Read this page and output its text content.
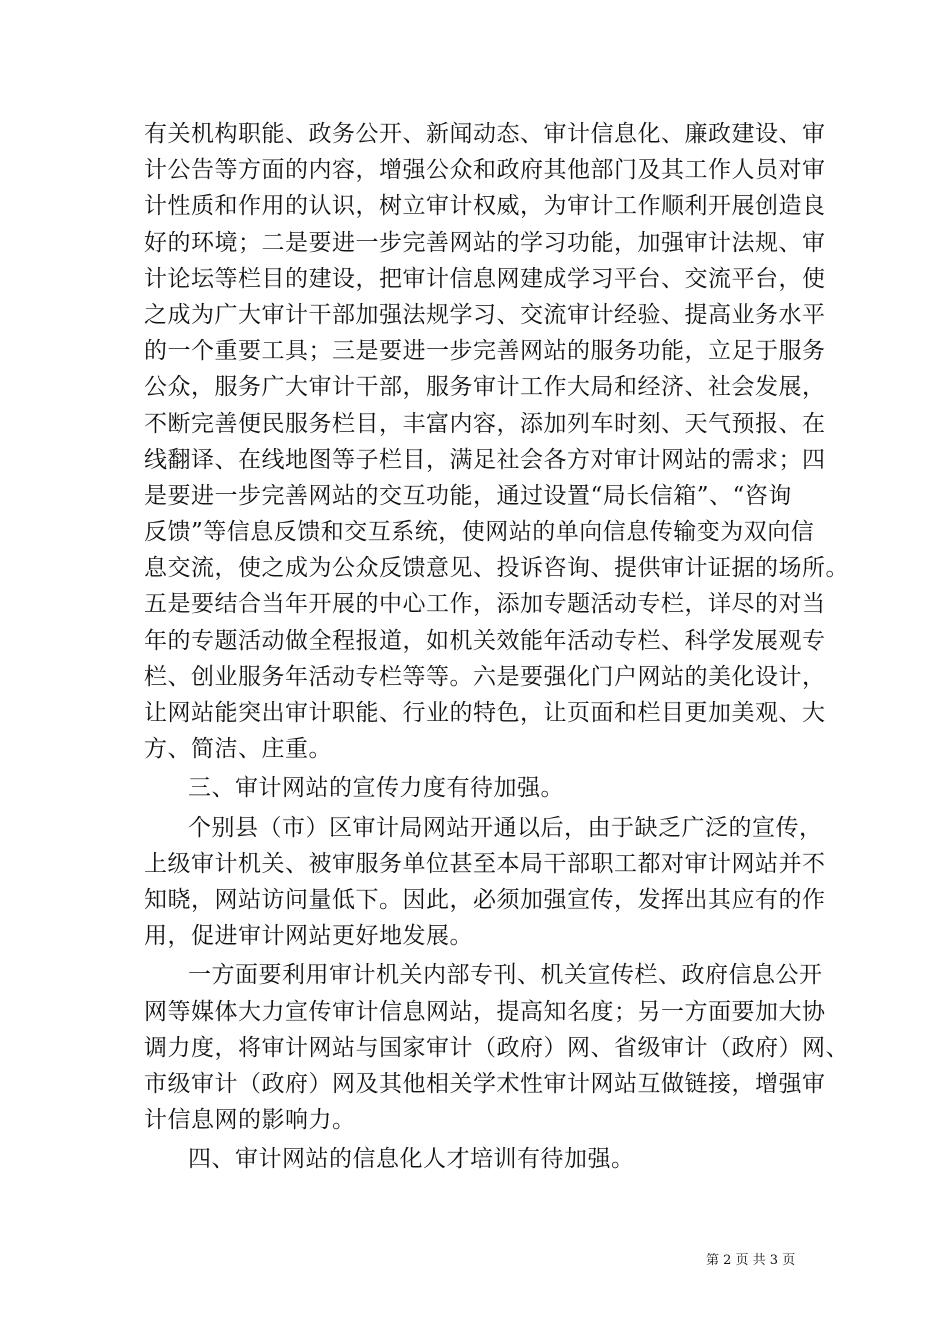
有关机构职能、政务公开、新闻动态、审计信息化、廉政建设、审
计公告等方面的内容，增强公众和政府其他部门及其工作人员对审
计性质和作用的认识，树立审计权威，为审计工作顺利开展创造良
好的环境；二是要进一步完善网站的学习功能，加强审计法规、审
计论坛等栏目的建设，把审计信息网建成学习平台、交流平台，使
之成为广大审计干部加强法规学习、交流审计经验、提高业务水平
的一个重要工具；三是要进一步完善网站的服务功能，立足于服务
公众，服务广大审计干部，服务审计工作大局和经济、社会发展，
不断完善便民服务栏目，丰富内容，添加列车时刻、天气预报、在
线翻译、在线地图等子栏目，满足社会各方对审计网站的需求；四
是要进一步完善网站的交互功能，通过设置“局长信箱”、“咨询
反馈”等信息反馈和交互系统，使网站的单向信息传输变为双向信
息交流，使之成为公众反馈意见、投诉咨询、提供审计证据的场所。
五是要结合当年开展的中心工作，添加专题活动专栏，详尽的对当
年的专题活动做全程报道，如机关效能年活动专栏、科学发展观专
栏、创业服务年活动专栏等等。六是要强化门户网站的美化设计，
让网站能突出审计职能、行业的特色，让页面和栏目更加美观、大
方、简洁、庄重。
三、审计网站的宣传力度有待加强。
个别县（市）区审计局网站开通以后，由于缺乏广泛的宣传，
上级审计机关、被审服务单位甚至本局干部职工都对审计网站并不
知晓，网站访问量低下。因此，必须加强宣传，发挥出其应有的作
用，促进审计网站更好地发展。
一方面要利用审计机关内部专刊、机关宣传栏、政府信息公开
网等媒体大力宣传审计信息网站，提高知名度；另一方面要加大协
调力度，将审计网站与国家审计（政府）网、省级审计（政府）网、
市级审计（政府）网及其他相关学术性审计网站互做链接，增强审
计信息网的影响力。
四、审计网站的信息化人才培训有待加强。
第 2 页 共 3 页
